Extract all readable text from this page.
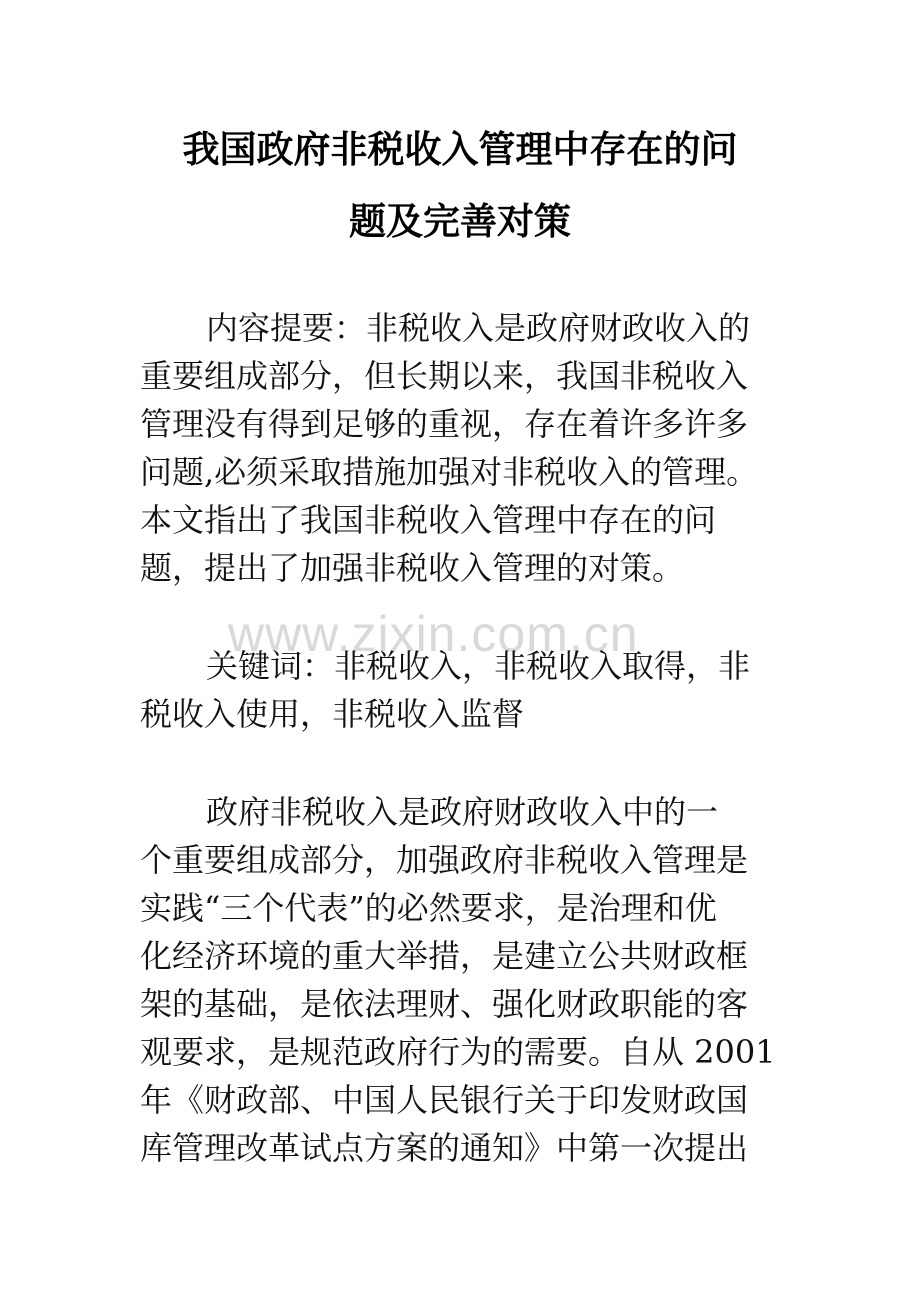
我国政府非税收入管理中存在的问
题及完善对策
www.zixin.com.cn
内容提要：非税收入是政府财政收入的
重要组成部分，但长期以来，我国非税收入
管理没有得到足够的重视，存在着许多许多
问题,必须采取措施加强对非税收入的管理。
本文指出了我国非税收入管理中存在的问
题，提出了加强非税收入管理的对策。
关键词：非税收入，非税收入取得，非
税收入使用，非税收入监督
政府非税收入是政府财政收入中的一
个重要组成部分，加强政府非税收入管理是
实践“三个代表”的必然要求，是治理和优
化经济环境的重大举措，是建立公共财政框
架的基础，是依法理财、强化财政职能的客
观要求，是规范政府行为的需要。自从 2001
年《财政部、中国人民银行关于印发财政国
库管理改革试点方案的通知》中第一次提出
